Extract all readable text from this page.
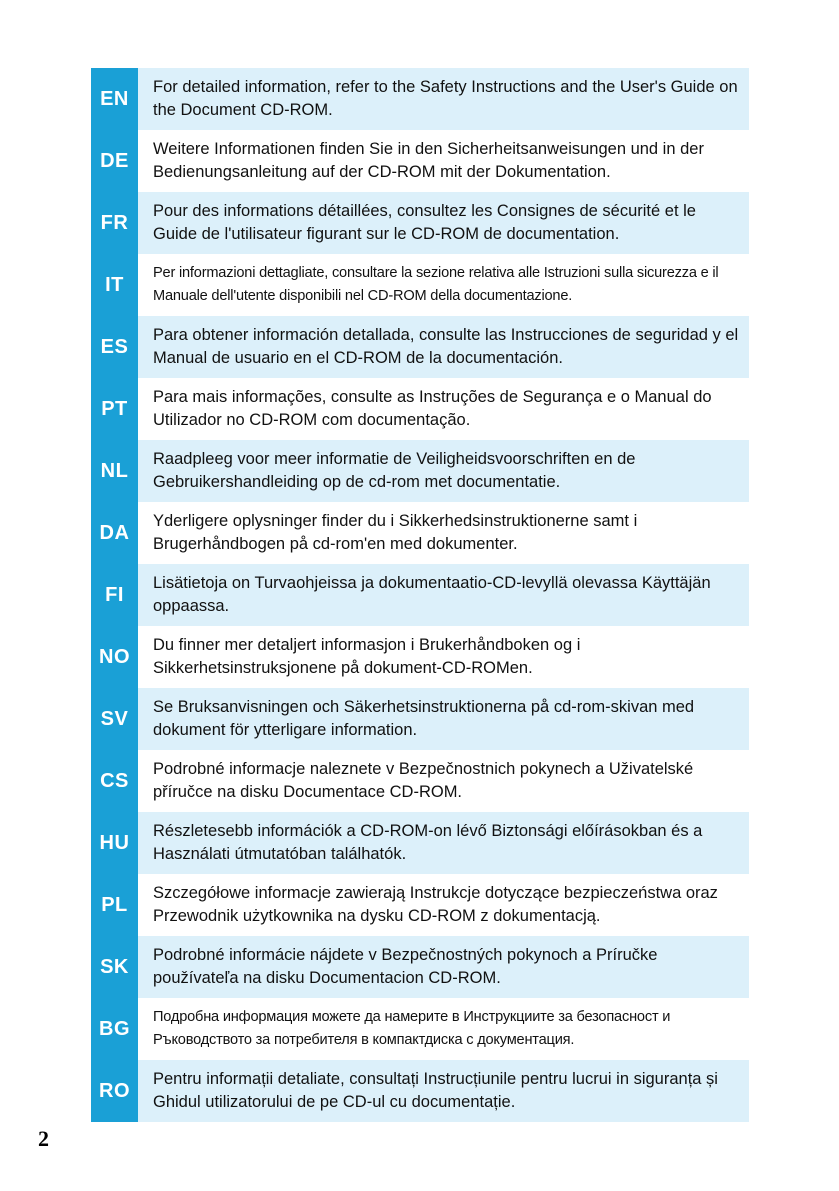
EN
For detailed information, refer to the Safety Instructions and the User's Guide on the Document CD-ROM.
DE
Weitere Informationen finden Sie in den Sicherheitsanweisungen und in der Bedienungsanleitung auf der CD-ROM mit der Dokumentation.
FR
Pour des informations détaillées, consultez les Consignes de sécurité et le Guide de l'utilisateur figurant sur le CD-ROM de documentation.
IT
Per informazioni dettagliate, consultare la sezione relativa alle Istruzioni sulla sicurezza e il Manuale dell'utente disponibili nel CD-ROM della documentazione.
ES
Para obtener información detallada, consulte las Instrucciones de seguridad y el Manual de usuario en el CD-ROM de la documentación.
PT
Para mais informações, consulte as Instruções de Segurança e o Manual do Utilizador no CD-ROM com documentação.
NL
Raadpleeg voor meer informatie de Veiligheidsvoorschriften en de Gebruikershandleiding op de cd-rom met documentatie.
DA
Yderligere oplysninger finder du i Sikkerhedsinstruktionerne samt i Brugerhåndbogen på cd-rom'en med dokumenter.
FI
Lisätietoja on Turvaohjeissa ja dokumentaatio-CD-levyllä olevassa Käyttäjän oppaassa.
NO
Du finner mer detaljert informasjon i Brukerhåndboken og i Sikkerhetsinstruksjonene på dokument-CD-ROMen.
SV
Se Bruksanvisningen och Säkerhetsinstruktionerna på cd-rom-skivan med dokument för ytterligare information.
CS
Podrobné informacje naleznete v Bezpečnostnich pokynech a Uživatelské příručce na disku Documentace CD-ROM.
HU
Részletesebb információk a CD-ROM-on lévő Biztonsági előírásokban és a Használati útmutatóban találhatók.
PL
Szczegółowe informacje zawierają Instrukcje dotyczące bezpieczeństwa oraz Przewodnik użytkownika na dysku CD-ROM z dokumentacją.
SK
Podrobné informácie nájdete v Bezpečnostných pokynoch a Príručke používateľa na disku Documentacion CD-ROM.
BG
Подробна информация можете да намерите в Инструкциите за безопасност и Ръководството за потребителя в компактдиска с документация.
RO
Pentru informații detaliate, consultați Instrucțiunile pentru lucrui in siguranța și Ghidul utilizatorului de pe CD-ul cu documentație.
2
